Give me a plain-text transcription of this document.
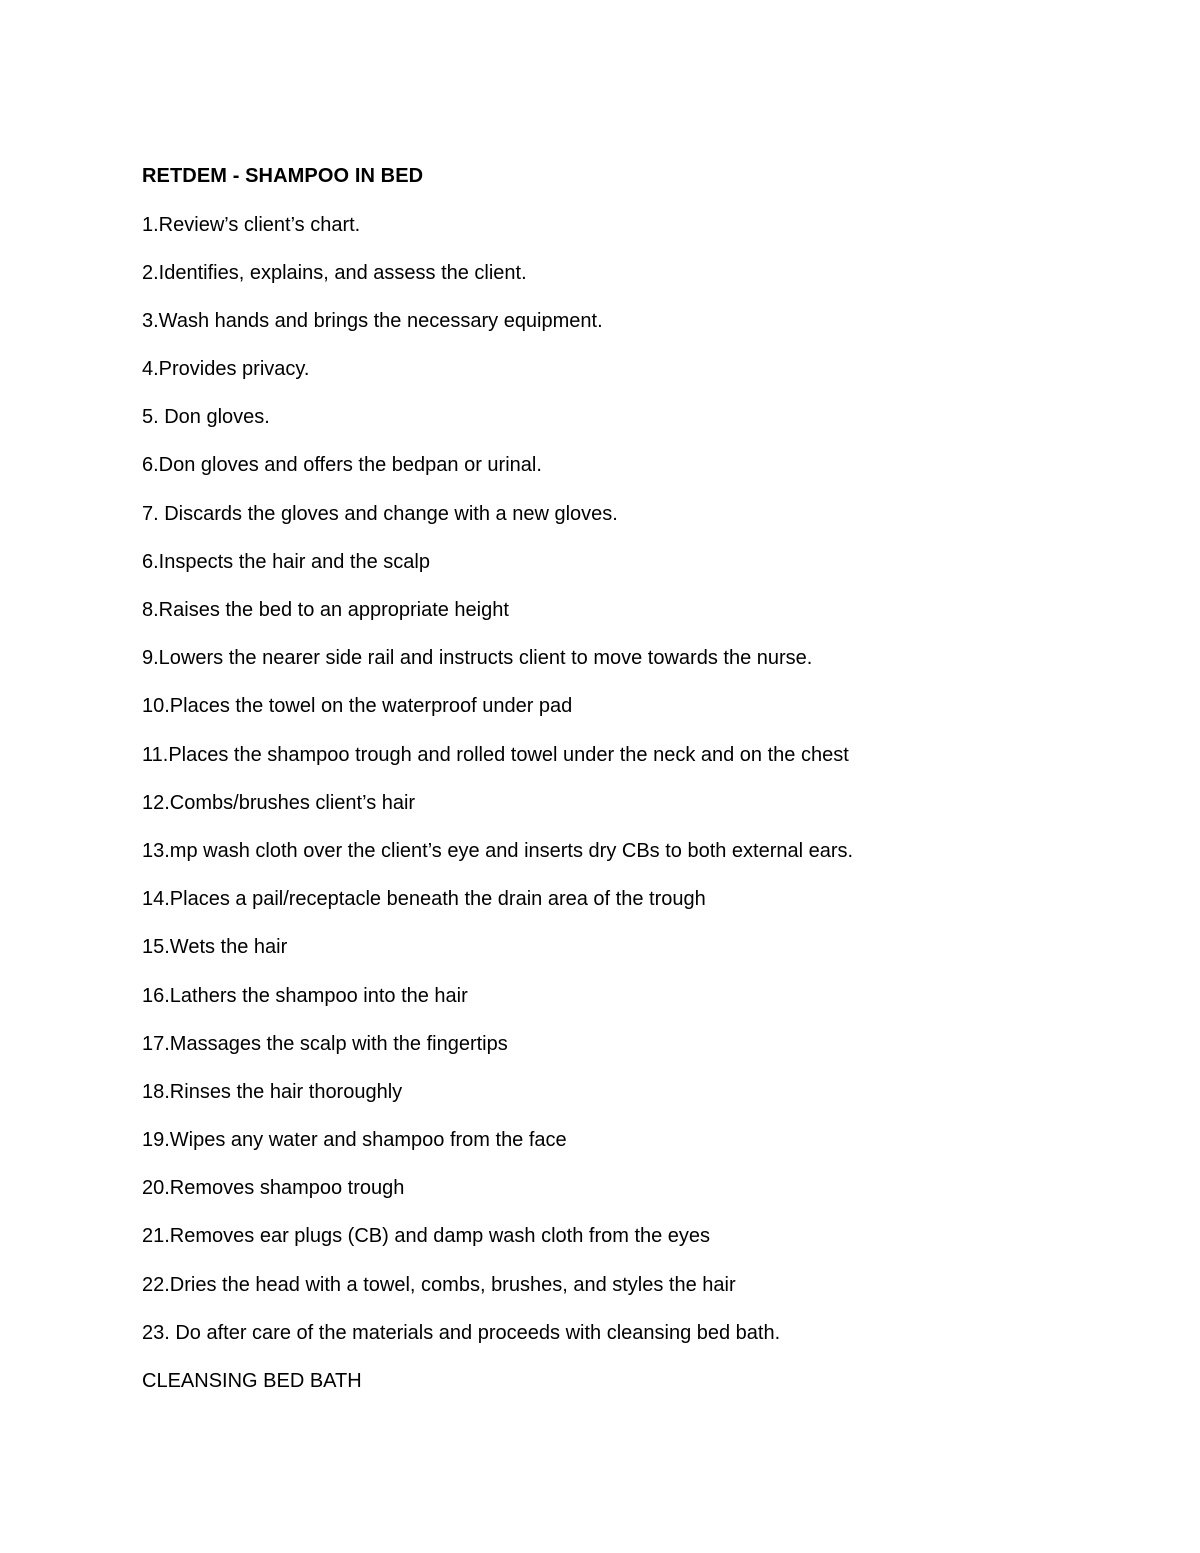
RETDEM - SHAMPOO IN BED

1.Review’s client’s chart.
2.Identifies, explains, and assess the client.
3.Wash hands and brings the necessary equipment.
4.Provides privacy.
5. Don gloves.
6.Don gloves and offers the bedpan or urinal.
7. Discards the gloves and change with a new gloves.
6.Inspects the hair and the scalp
8.Raises the bed to an appropriate height
9.Lowers the nearer side rail and instructs client to move towards the nurse.
10.Places the towel on the waterproof under pad
11.Places the shampoo trough and rolled towel under the neck and on the chest
12.Combs/brushes client’s hair
13.mp wash cloth over the client’s eye and inserts dry CBs to both external ears.
14.Places a pail/receptacle beneath the drain area of the trough
15.Wets the hair
16.Lathers the shampoo into the hair
17.Massages the scalp with the fingertips
18.Rinses the hair thoroughly
19.Wipes any water and shampoo from the face
20.Removes shampoo trough
21.Removes ear plugs (CB) and damp wash cloth from the eyes
22.Dries the head with a towel, combs, brushes, and styles the hair
23. Do after care of the materials and proceeds with cleansing bed bath.

CLEANSING BED BATH
